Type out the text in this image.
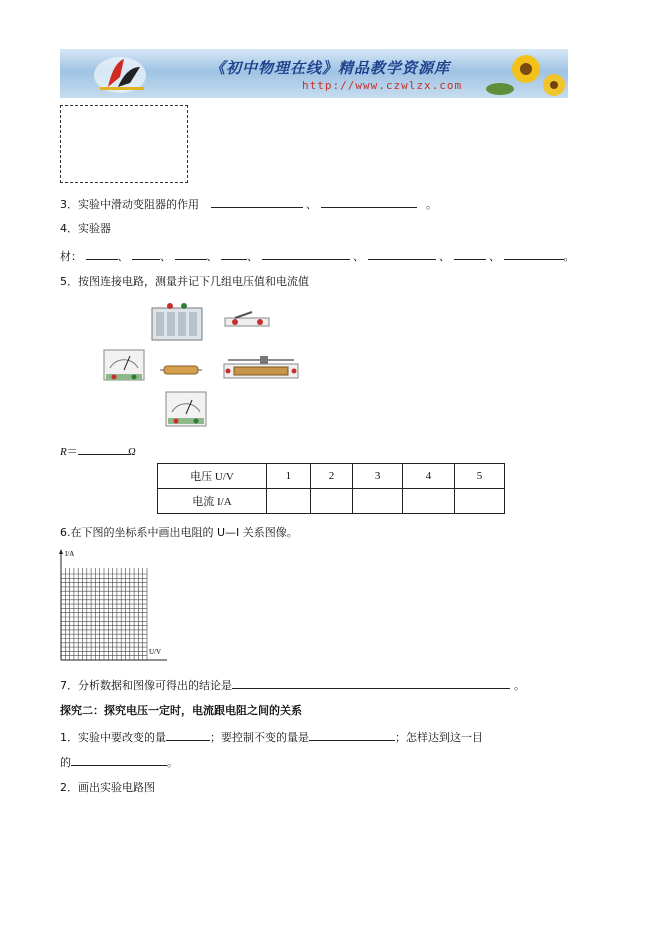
《初中物理在线》精品教学资源库
http://www.czwlzx.com
3．实验中滑动变阻器的作用	、	。
4．实验器
材：	、	、	、	、	、	、	、	。
5．按图连接电路，测量并记下几组电压值和电流值
R＝	Ω
电压 U/V	1	2	3	4	5
电流 I/A					
6.在下图的坐标系中画出电阻的 U—I 关系图像。
I/A
U/V
7．分析数据和图像可得出的结论是	。
探究二：探究电压一定时，电流跟电阻之间的关系
1．实验中要改变的量	；要控制不变的量是	；怎样达到这一目
的	。
2．画出实验电路图
